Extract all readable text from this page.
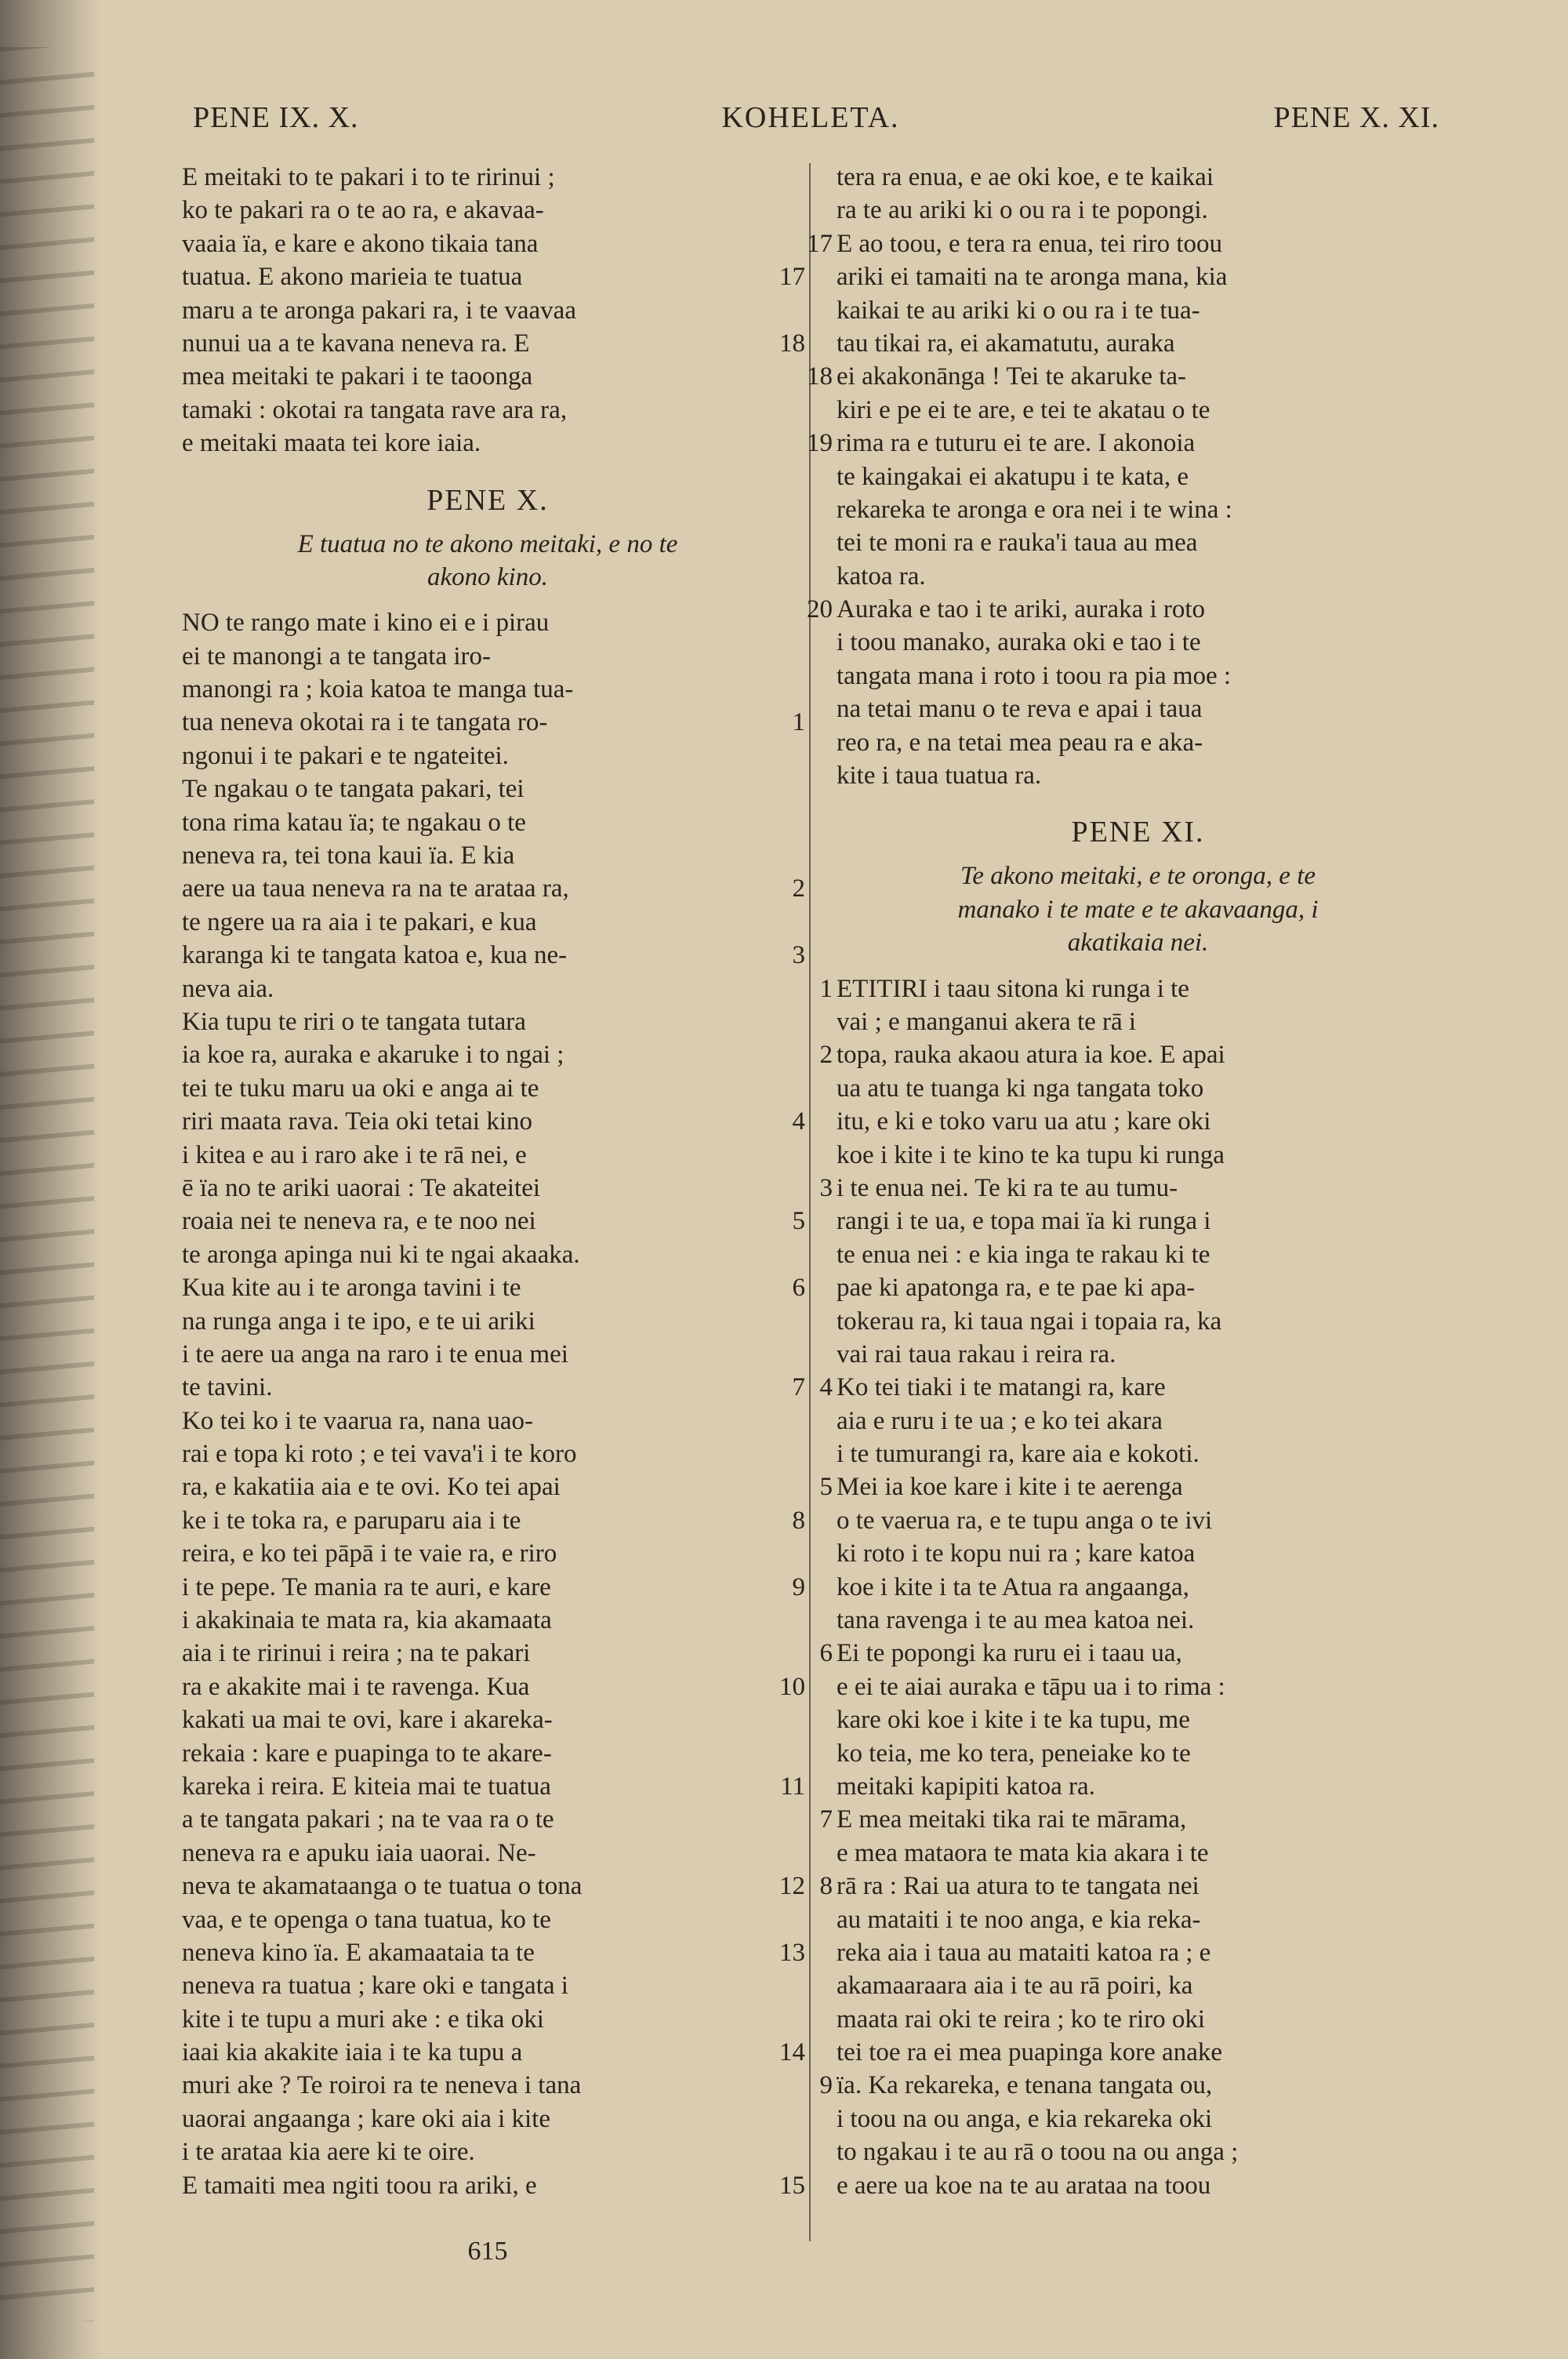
PENE IX. X.	KOHELETA.	PENE X. XI.
E meitaki to te pakari i to te ririnui ;
ko te pakari ra o te ao ra, e akavaa-
vaaia ïa, e kare e akono tikaia tana
tuatua. E akono marieia te tuatua
maru a te aronga pakari ra, i te vaavaa
nunui ua a te kavana neneva ra. E
mea meitaki te pakari i te taoonga
tamaki : okotai ra tangata rave ara ra,
e meitaki maata tei kore iaia.
PENE X.
E tuatua no te akono meitaki, e no te
akono kino.
NO te rango mate i kino ei e i pirau
ei te manongi a te tangata iro-
manongi ra ; koia katoa te manga tua-
tua neneva okotai ra i te tangata ro-
ngonui i te pakari e te ngateitei.
Te ngakau o te tangata pakari, tei
tona rima katau ïa; te ngakau o te
neneva ra, tei tona kaui ïa. E kia
aere ua taua neneva ra na te arataa ra,
te ngere ua ra aia i te pakari, e kua
karanga ki te tangata katoa e, kua ne-
neva aia.
Kia tupu te riri o te tangata tutara
ia koe ra, auraka e akaruke i to ngai ;
tei te tuku maru ua oki e anga ai te
riri maata rava. Teia oki tetai kino
i kitea e au i raro ake i te rā nei, e
ē ïa no te ariki uaorai : Te akateitei
roaia nei te neneva ra, e te noo nei
te aronga apinga nui ki te ngai akaaka.
Kua kite au i te aronga tavini i te
na runga anga i te ipo, e te ui ariki
i te aere ua anga na raro i te enua mei
te tavini.
Ko tei ko i te vaarua ra, nana uao-
rai e topa ki roto ; e tei vava'i i te koro
ra, e kakatiia aia e te ovi. Ko tei apai
ke i te toka ra, e paruparu aia i te
reira, e ko tei pāpā i te vaie ra, e riro
i te pepe. Te mania ra te auri, e kare
i akakinaia te mata ra, kia akamaata
aia i te ririnui i reira ; na te pakari
ra e akakite mai i te ravenga. Kua
kakati ua mai te ovi, kare i akareka-
rekaia : kare e puapinga to te akare-
kareka i reira. E kiteia mai te tuatua
a te tangata pakari ; na te vaa ra o te
neneva ra e apuku iaia uaorai. Ne-
neva te akamataanga o te tuatua o tona
vaa, e te openga o tana tuatua, ko te
neneva kino ïa. E akamaataia ta te
neneva ra tuatua ; kare oki e tangata i
kite i te tupu a muri ake : e tika oki
iaai kia akakite iaia i te ka tupu a
muri ake ? Te roiroi ra te neneva i tana
uaorai angaanga ; kare oki aia i kite
i te arataa kia aere ki te oire.
E tamaiti mea ngiti toou ra ariki, e
tera ra enua, e ae oki koe, e te kaikai
ra te au ariki ki o ou ra i te popongi.
E ao toou, e tera ra enua, tei riro toou
ariki ei tamaiti na te aronga mana, kia
kaikai te au ariki ki o ou ra i te tua-
tau tikai ra, ei akamatutu, auraka
ei akakonānga ! Tei te akaruke ta-
kiri e pe ei te are, e tei te akatau o te
rima ra e tuturu ei te are. I akonoia
te kaingakai ei akatupu i te kata, e
rekareka te aronga e ora nei i te wina :
tei te moni ra e rauka'i taua au mea
katoa ra.
Auraka e tao i te ariki, auraka i roto
i toou manako, auraka oki e tao i te
tangata mana i roto i toou ra pia moe :
na tetai manu o te reva e apai i taua
reo ra, e na tetai mea peau ra e aka-
kite i taua tuatua ra.
PENE XI.
Te akono meitaki, e te oronga, e te
manako i te mate e te akavaanga, i
akatikaia nei.
ETITIRI i taau sitona ki runga i te
vai ; e manganui akera te rā i
topa, rauka akaou atura ia koe. E apai
ua atu te tuanga ki nga tangata toko
itu, e ki e toko varu ua atu ; kare oki
koe i kite i te kino te ka tupu ki runga
i te enua nei. Te ki ra te au tumu-
rangi i te ua, e topa mai ïa ki runga i
te enua nei : e kia inga te rakau ki te
pae ki apatonga ra, e te pae ki apa-
tokerau ra, ki taua ngai i topaia ra, ka
vai rai taua rakau i reira ra.
Ko tei tiaki i te matangi ra, kare
aia e ruru i te ua ; e ko tei akara
i te tumurangi ra, kare aia e kokoti.
Mei ia koe kare i kite i te aerenga
o te vaerua ra, e te tupu anga o te ivi
ki roto i te kopu nui ra ; kare katoa
koe i kite i ta te Atua ra angaanga,
tana ravenga i te au mea katoa nei.
Ei te popongi ka ruru ei i taau ua,
e ei te aiai auraka e tāpu ua i to rima :
kare oki koe i kite i te ka tupu, me
ko teia, me ko tera, peneiake ko te
meitaki kapipiti katoa ra.
E mea meitaki tika rai te mārama,
e mea mataora te mata kia akara i te
rā ra : Rai ua atura to te tangata nei
au mataiti i te noo anga, e kia reka-
reka aia i taua au mataiti katoa ra ; e
akamaaraara aia i te au rā poiri, ka
maata rai oki te reira ; ko te riro oki
tei toe ra ei mea puapinga kore anake
ïa. Ka rekareka, e tenana tangata ou,
i toou na ou anga, e kia rekareka oki
to ngakau i te au rā o toou na ou anga ;
e aere ua koe na te au arataa na toou
615
17
18
1
2
3
4
5
6
7
8
9
10
11
12
13
14
15
17
18
19
20
1
2
3
4
5
6
7
8
9
